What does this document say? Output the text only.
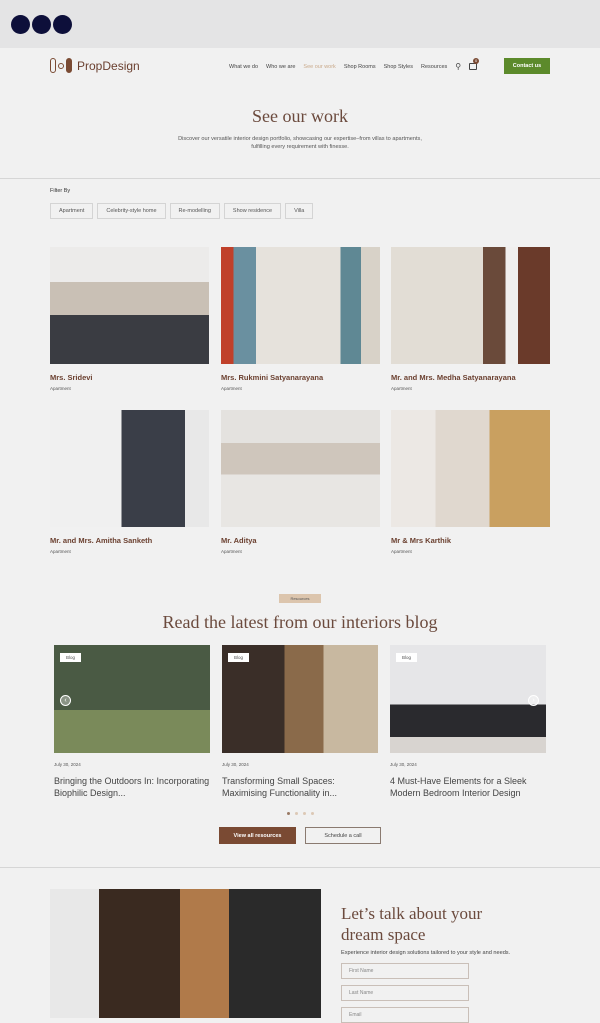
PropDesign	What we do Who we are See our work Shop Rooms Shop Styles Resources ⚲
0
Contact us
See our work

Discover our versatile interior design portfolio, showcasing our expertise–from villas to apartments, fulfilling every requirement with finesse.

Filter By
Apartment	Celebrity-style home	Re-modelling	Show residence	Villa
Mrs. Sridevi
Apartment
Mrs. Rukmini Satyanarayana
Apartment
Mr. and Mrs. Medha Satyanarayana
Apartment
Mr. and Mrs. Amitha Sanketh
Apartment
Mr. Aditya
Apartment
Mr & Mrs Karthik
Apartment
Resources
Read the latest from our interiors blog
Blog
July 30, 2024
Bringing the Outdoors In: Incorporating Biophilic Design...
Blog
July 30, 2024
Transforming Small Spaces: Maximising Functionality in...
Blog
July 30, 2024
4 Must-Have Elements for a Sleek Modern Bedroom Interior Design
‹	›
View all resources	Schedule a call
Let’s talk about your dream space

Experience interior design solutions tailored to your style and needs.

First Name
Last Name
Email
